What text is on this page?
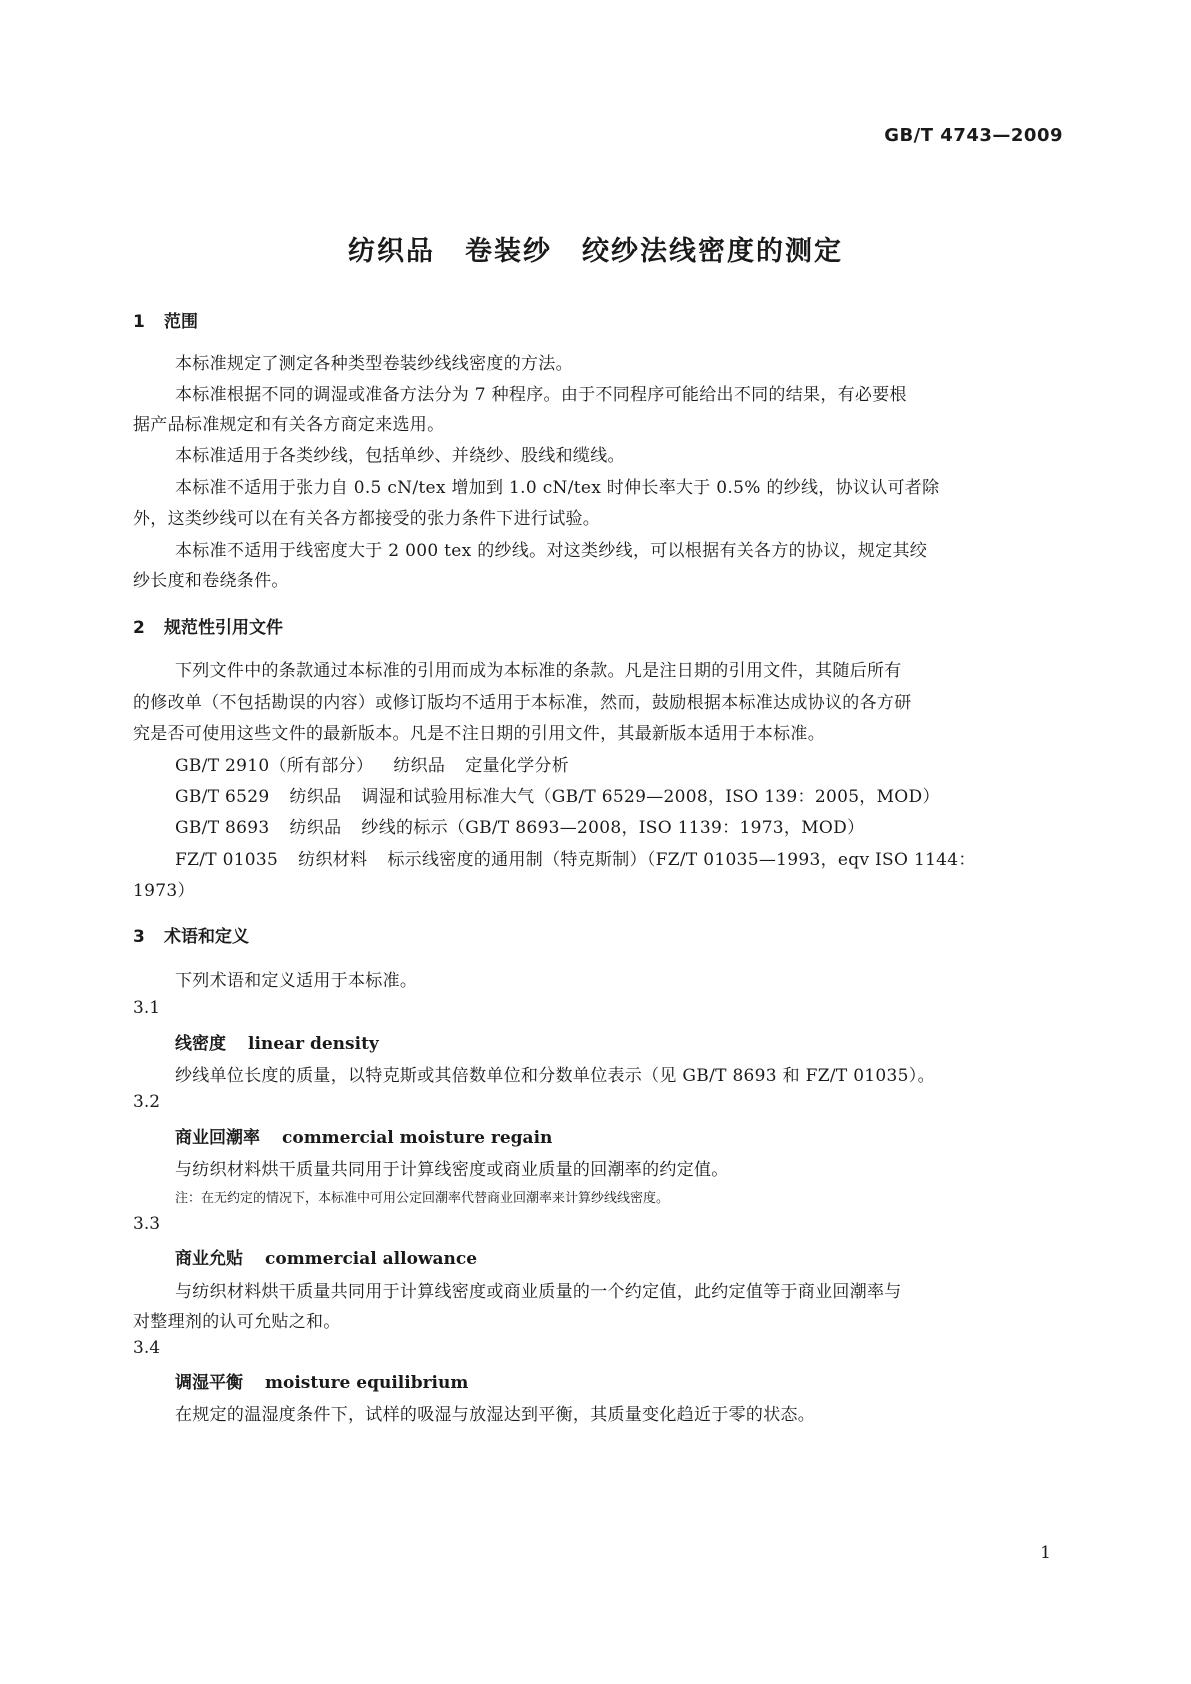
GB/T 4743—2009
纺织品 卷装纱 绞纱法线密度的测定
1 范围
本标准规定了测定各种类型卷装纱线线密度的方法。
本标准根据不同的调湿或准备方法分为 7 种程序。由于不同程序可能给出不同的结果，有必要根
据产品标准规定和有关各方商定来选用。
本标准适用于各类纱线，包括单纱、并绕纱、股线和缆线。
本标准不适用于张力自 0.5 cN/tex 增加到 1.0 cN/tex 时伸长率大于 0.5% 的纱线，协议认可者除
外，这类纱线可以在有关各方都接受的张力条件下进行试验。
本标准不适用于线密度大于 2 000 tex 的纱线。对这类纱线，可以根据有关各方的协议，规定其绞
纱长度和卷绕条件。
2 规范性引用文件
下列文件中的条款通过本标准的引用而成为本标准的条款。凡是注日期的引用文件，其随后所有
的修改单（不包括勘误的内容）或修订版均不适用于本标准，然而，鼓励根据本标准达成协议的各方研
究是否可使用这些文件的最新版本。凡是不注日期的引用文件，其最新版本适用于本标准。
GB/T 2910（所有部分） 纺织品 定量化学分析
GB/T 6529 纺织品 调湿和试验用标准大气（GB/T 6529—2008，ISO 139：2005，MOD）
GB/T 8693 纺织品 纱线的标示（GB/T 8693—2008，ISO 1139：1973，MOD）
FZ/T 01035 纺织材料 标示线密度的通用制（特克斯制）（FZ/T 01035—1993，eqv ISO 1144：
1973）
3 术语和定义
下列术语和定义适用于本标准。
3.1
线密度 linear density
纱线单位长度的质量，以特克斯或其倍数单位和分数单位表示（见 GB/T 8693 和 FZ/T 01035）。
3.2
商业回潮率 commercial moisture regain
与纺织材料烘干质量共同用于计算线密度或商业质量的回潮率的约定值。
注：在无约定的情况下，本标准中可用公定回潮率代替商业回潮率来计算纱线线密度。
3.3
商业允贴 commercial allowance
与纺织材料烘干质量共同用于计算线密度或商业质量的一个约定值，此约定值等于商业回潮率与
对整理剂的认可允贴之和。
3.4
调湿平衡 moisture equilibrium
在规定的温湿度条件下，试样的吸湿与放湿达到平衡，其质量变化趋近于零的状态。
1
